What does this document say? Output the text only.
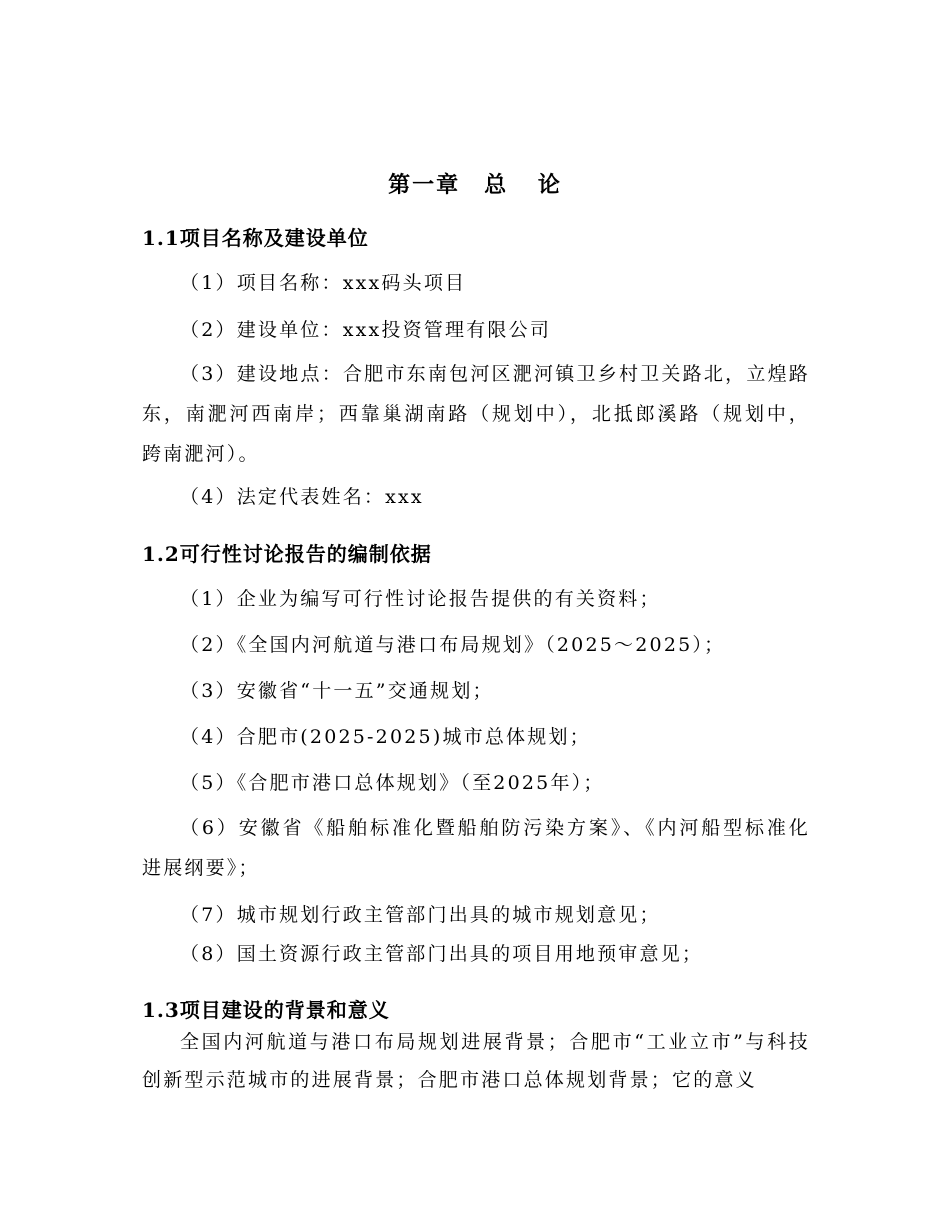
第一章　总 论
1.1项目名称及建设单位
（1）项目名称：xxx码头项目
（2）建设单位：xxx投资管理有限公司
（3）建设地点：合肥市东南包河区淝河镇卫乡村卫关路北，立煌路东，南淝河西南岸；西靠巢湖南路（规划中），北抵郎溪路（规划中，跨南淝河）。
（4）法定代表姓名：xxx
1.2可行性讨论报告的编制依据
（1）企业为编写可行性讨论报告提供的有关资料；
（2）《全国内河航道与港口布局规划》（2025～2025）；
（3）安徽省“十一五”交通规划；
（4）合肥市(2025-2025)城市总体规划；
（5）《合肥市港口总体规划》（至2025年）；
（6）安徽省《船舶标准化暨船舶防污染方案》、《内河船型标准化进展纲要》；
（7）城市规划行政主管部门出具的城市规划意见；
（8）国土资源行政主管部门出具的项目用地预审意见；
1.3项目建设的背景和意义
全国内河航道与港口布局规划进展背景；合肥市“工业立市”与科技创新型示范城市的进展背景；合肥市港口总体规划背景；它的意义
